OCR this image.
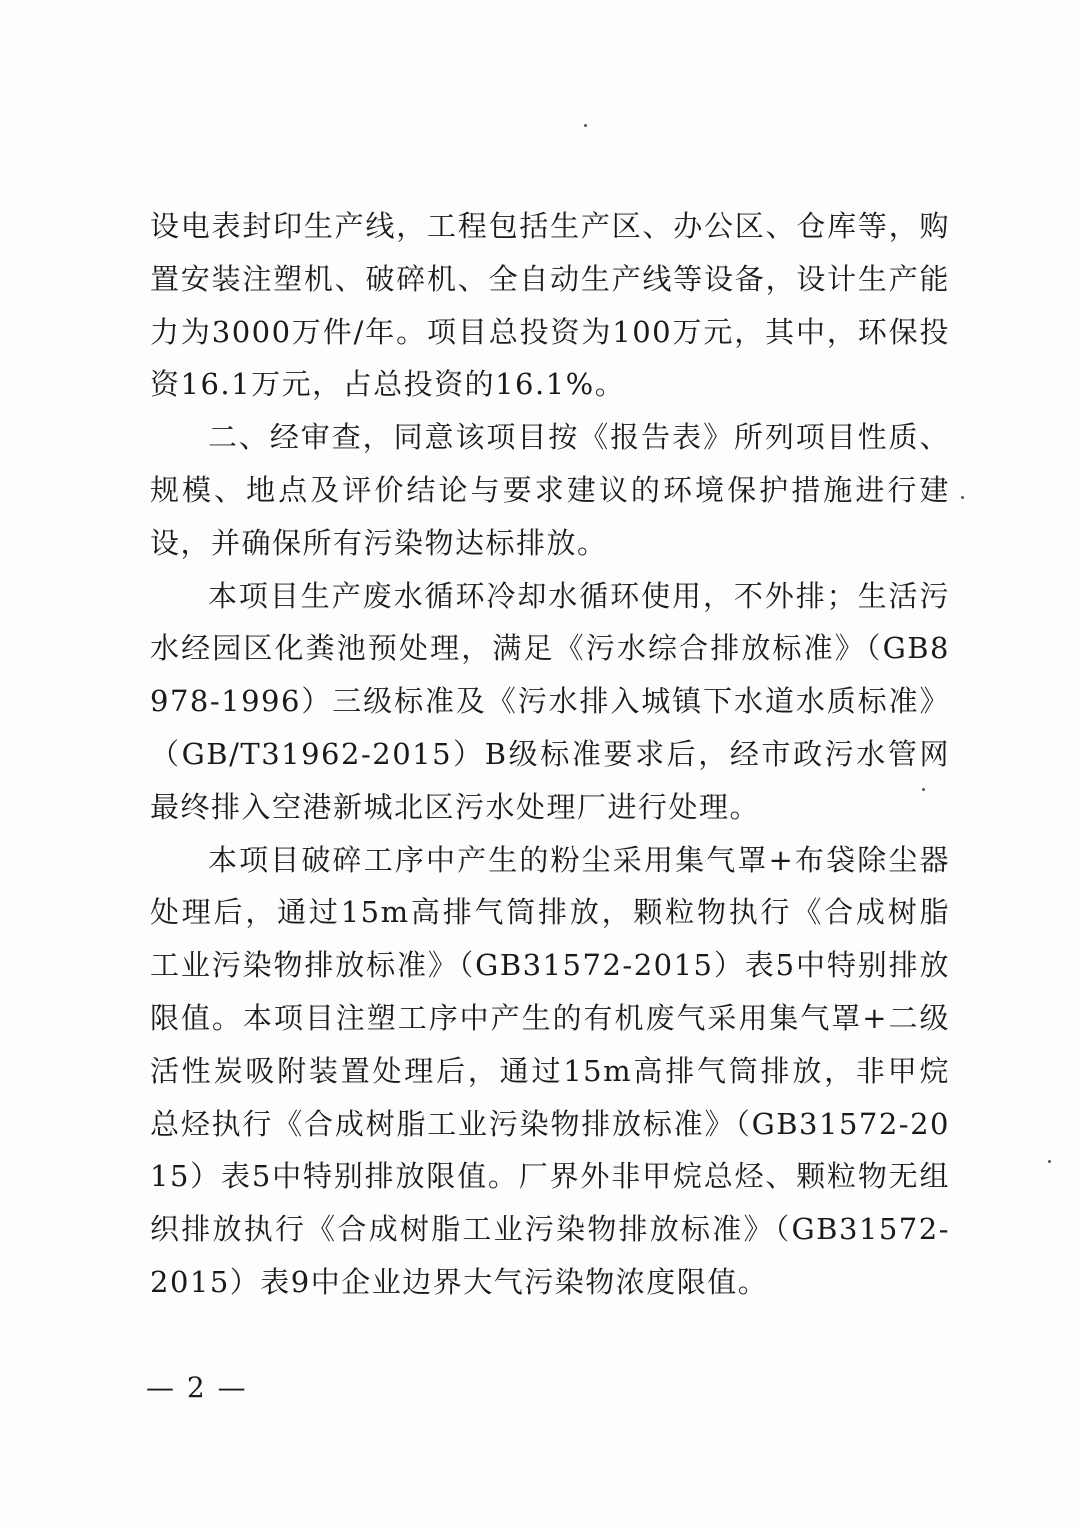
设电表封印生产线，工程包括生产区、办公区、仓库等，购置安装注塑机、破碎机、全自动生产线等设备，设计生产能力为3000万件/年。项目总投资为100万元，其中，环保投资16.1万元，占总投资的16.1%。

二、经审查，同意该项目按《报告表》所列项目性质、规模、地点及评价结论与要求建议的环境保护措施进行建设，并确保所有污染物达标排放。

本项目生产废水循环冷却水循环使用，不外排；生活污水经园区化粪池预处理，满足《污水综合排放标准》（GB8978-1996）三级标准及《污水排入城镇下水道水质标准》（GB/T31962-2015）B级标准要求后，经市政污水管网最终排入空港新城北区污水处理厂进行处理。

本项目破碎工序中产生的粉尘采用集气罩+布袋除尘器处理后，通过15m高排气筒排放，颗粒物执行《合成树脂工业污染物排放标准》（GB31572-2015）表5中特别排放限值。本项目注塑工序中产生的有机废气采用集气罩+二级活性炭吸附装置处理后，通过15m高排气筒排放，非甲烷总烃执行《合成树脂工业污染物排放标准》（GB31572-2015）表5中特别排放限值。厂界外非甲烷总烃、颗粒物无组织排放执行《合成树脂工业污染物排放标准》（GB31572-2015）表9中企业边界大气污染物浓度限值。

— 2 —
